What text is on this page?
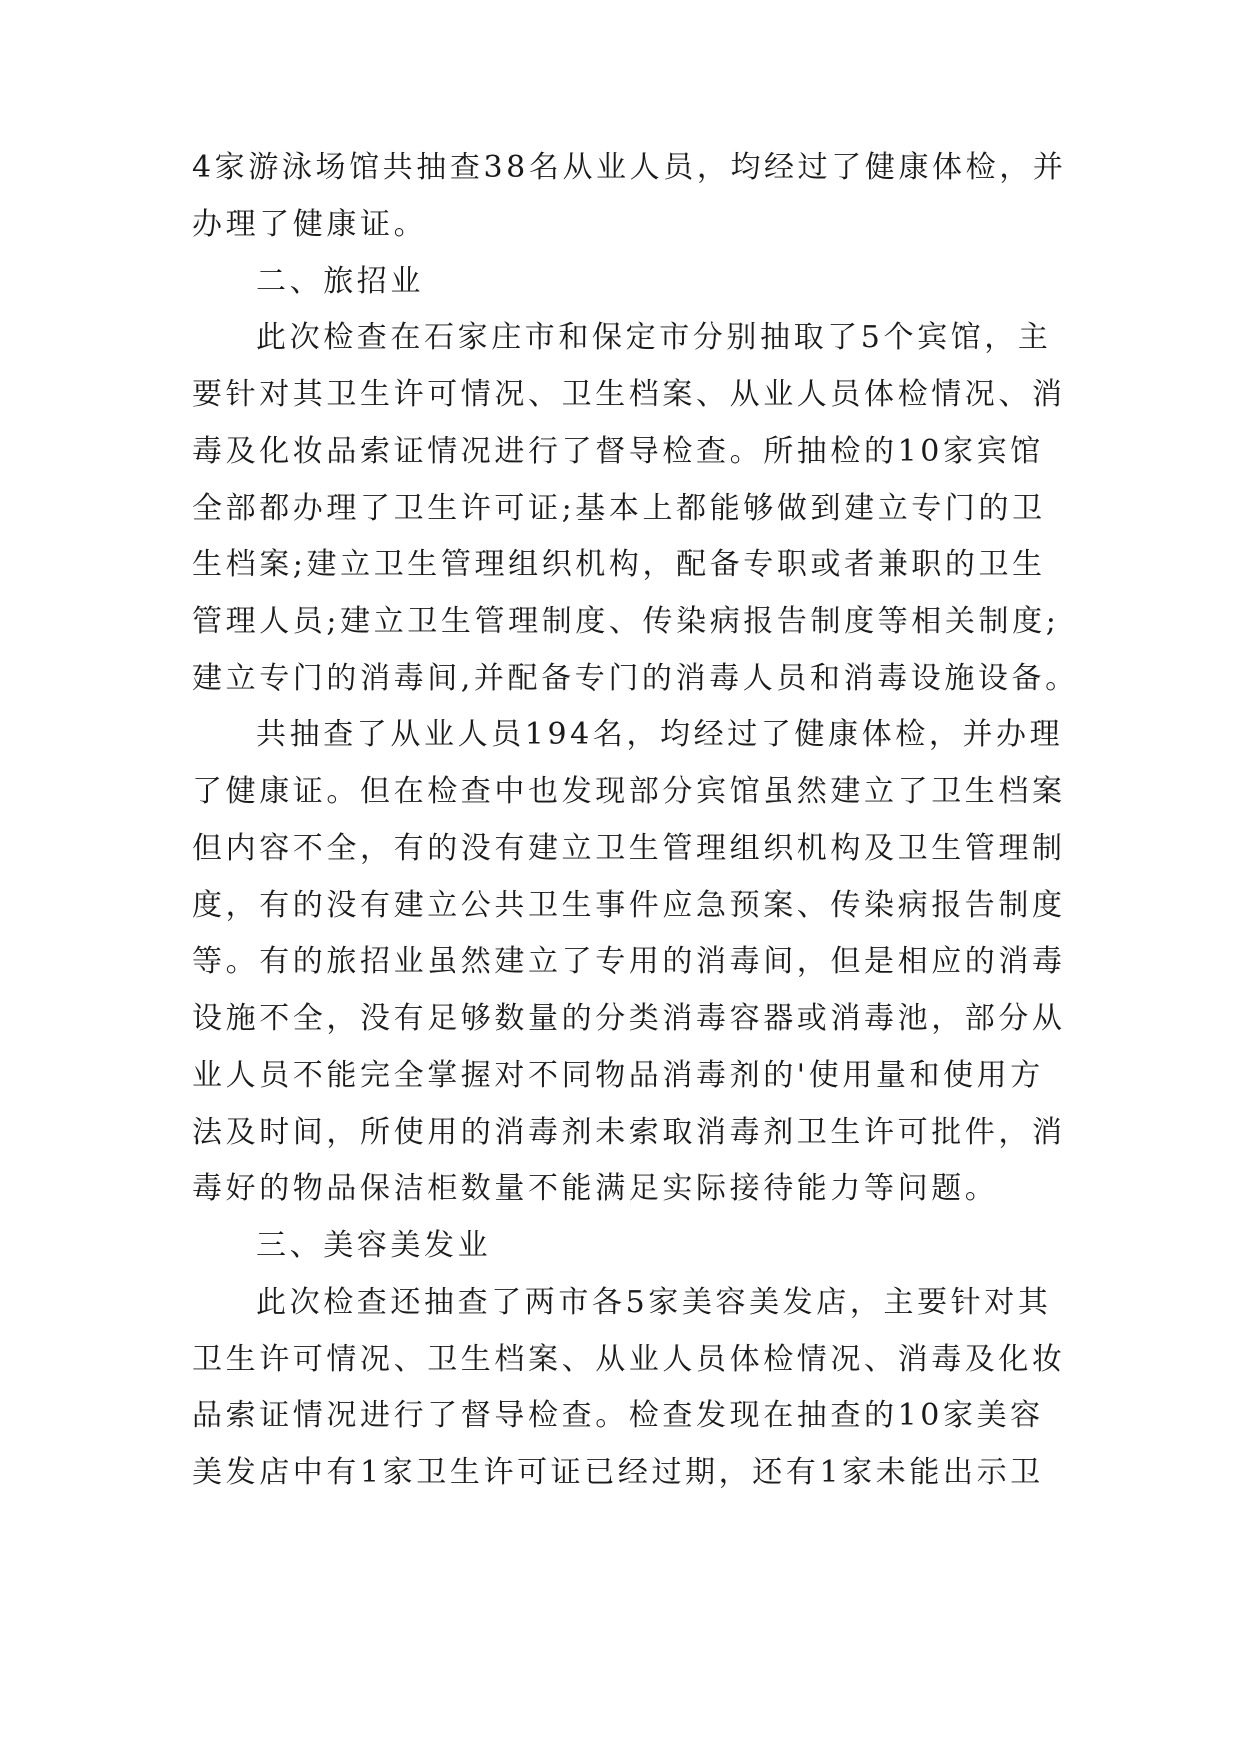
4家游泳场馆共抽查38名从业人员，均经过了健康体检，并
办理了健康证。
二、旅招业
此次检查在石家庄市和保定市分别抽取了5个宾馆，主
要针对其卫生许可情况、卫生档案、从业人员体检情况、消
毒及化妆品索证情况进行了督导检查。所抽检的10家宾馆
全部都办理了卫生许可证;基本上都能够做到建立专门的卫
生档案;建立卫生管理组织机构，配备专职或者兼职的卫生
管理人员;建立卫生管理制度、传染病报告制度等相关制度;
建立专门的消毒间,并配备专门的消毒人员和消毒设施设备。
共抽查了从业人员194名，均经过了健康体检，并办理
了健康证。但在检查中也发现部分宾馆虽然建立了卫生档案
但内容不全，有的没有建立卫生管理组织机构及卫生管理制
度，有的没有建立公共卫生事件应急预案、传染病报告制度
等。有的旅招业虽然建立了专用的消毒间，但是相应的消毒
设施不全，没有足够数量的分类消毒容器或消毒池，部分从
业人员不能完全掌握对不同物品消毒剂的'使用量和使用方
法及时间，所使用的消毒剂未索取消毒剂卫生许可批件，消
毒好的物品保洁柜数量不能满足实际接待能力等问题。
三、美容美发业
此次检查还抽查了两市各5家美容美发店，主要针对其
卫生许可情况、卫生档案、从业人员体检情况、消毒及化妆
品索证情况进行了督导检查。检查发现在抽查的10家美容
美发店中有1家卫生许可证已经过期，还有1家未能出示卫
